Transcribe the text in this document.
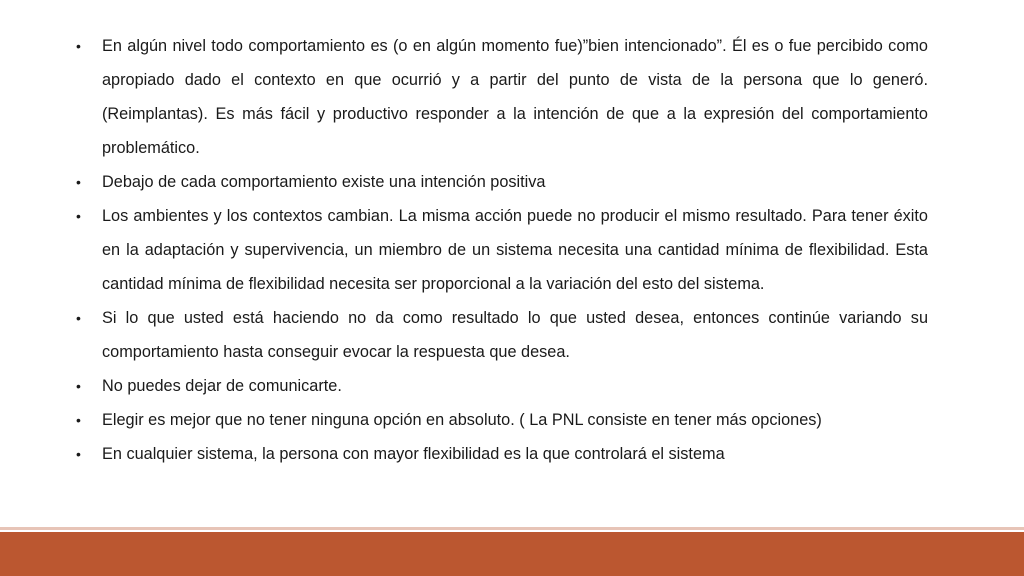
• En algún nivel todo comportamiento es (o en algún momento fue)”bien intencionado”. Él es o fue percibido como apropiado dado el contexto en que ocurrió y a partir del punto de vista de la persona que lo generó. (Reimplantas). Es más fácil y productivo responder a la intención de que a la expresión del comportamiento problemático.
• Debajo de cada comportamiento existe una intención positiva
• Los ambientes y los contextos cambian. La misma acción puede no producir el mismo resultado. Para tener éxito en la adaptación y supervivencia, un miembro de un sistema necesita una cantidad mínima de flexibilidad. Esta cantidad mínima de flexibilidad necesita ser proporcional a la variación del esto del sistema.
• Si lo que usted está haciendo no da como resultado lo que usted desea, entonces continúe variando su comportamiento hasta conseguir evocar la respuesta que desea.
• No puedes dejar de comunicarte.
• Elegir es mejor que no tener ninguna opción en absoluto. ( La PNL consiste en tener más opciones)
• En cualquier sistema, la persona con mayor flexibilidad es la que controlará el sistema
